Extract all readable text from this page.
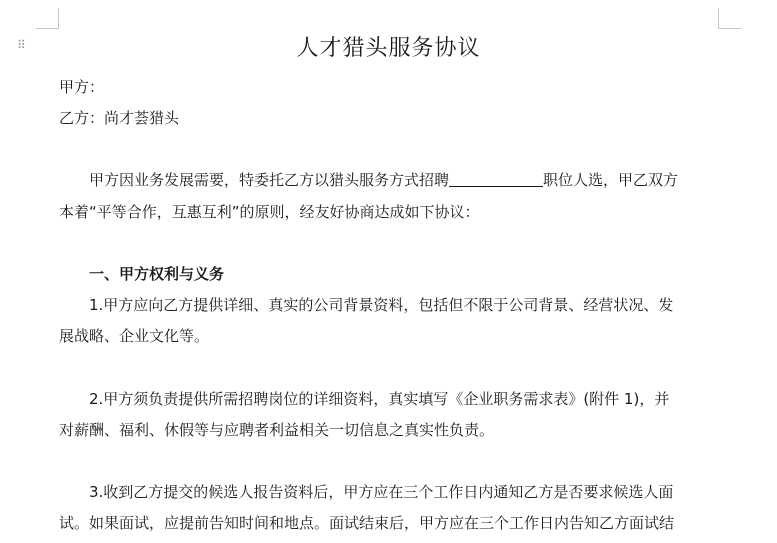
⠿	人才猎头服务协议
甲方：
乙方：尚才荟猎头
甲方因业务发展需要，特委托乙方以猎头服务方式招聘	职位人选，甲乙双方
本着“平等合作，互惠互利”的原则，经友好协商达成如下协议：
一、甲方权利与义务
1.甲方应向乙方提供详细、真实的公司背景资料，包括但不限于公司背景、经营状况、发
展战略、企业文化等。
2.甲方须负责提供所需招聘岗位的详细资料，真实填写《企业职务需求表》(附件 1)，并
对薪酬、福利、休假等与应聘者利益相关一切信息之真实性负责。
3.收到乙方提交的候选人报告资料后，甲方应在三个工作日内通知乙方是否要求候选人面
试。如果面试，应提前告知时间和地点。面试结束后，甲方应在三个工作日内告知乙方面试结
